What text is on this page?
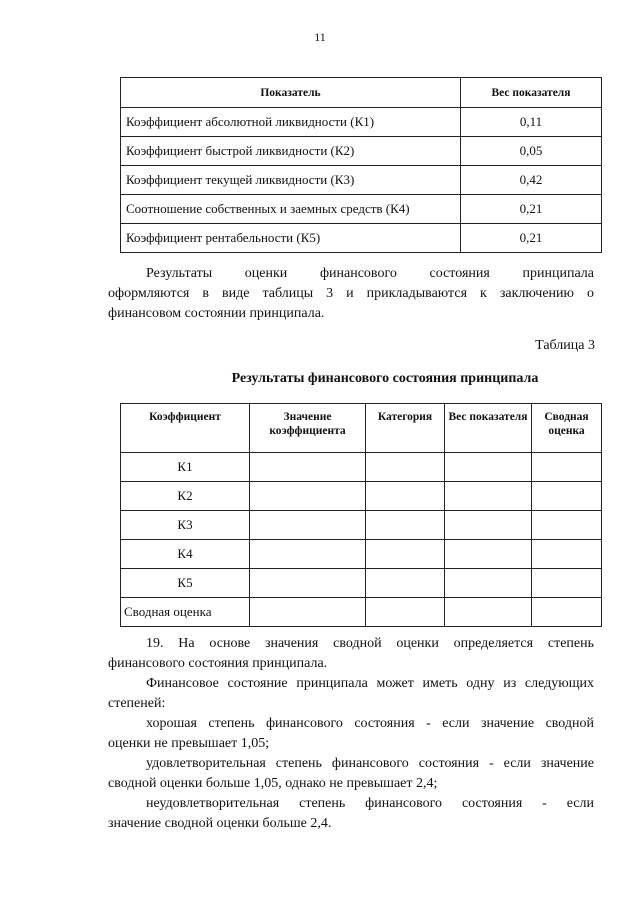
11
Показатель	Вес показателя
Коэффициент абсолютной ликвидности (К1)	0,11
Коэффициент быстрой ликвидности (К2)	0,05
Коэффициент текущей ликвидности (К3)	0,42
Соотношение собственных и заемных средств (К4)	0,21
Коэффициент рентабельности (К5)	0,21

Результаты оценки финансового состояния принципала
оформляются в виде таблицы 3 и прикладываются к заключению о
финансовом состоянии принципала.

Таблица 3
Результаты финансового состояния принципала
Коэффициент	Значение коэффициента	Категория	Вес показателя	Сводная оценка
К1				
К2				
К3				
К4				
К5				
Сводная оценка				

19. На основе значения сводной оценки определяется степень
финансового состояния принципала.

Финансовое состояние принципала может иметь одну из следующих
степеней:

хорошая степень финансового состояния - если значение сводной
оценки не превышает 1,05;

удовлетворительная степень финансового состояния - если значение
сводной оценки больше 1,05, однако не превышает 2,4;

неудовлетворительная степень финансового состояния - если
значение сводной оценки больше 2,4.
